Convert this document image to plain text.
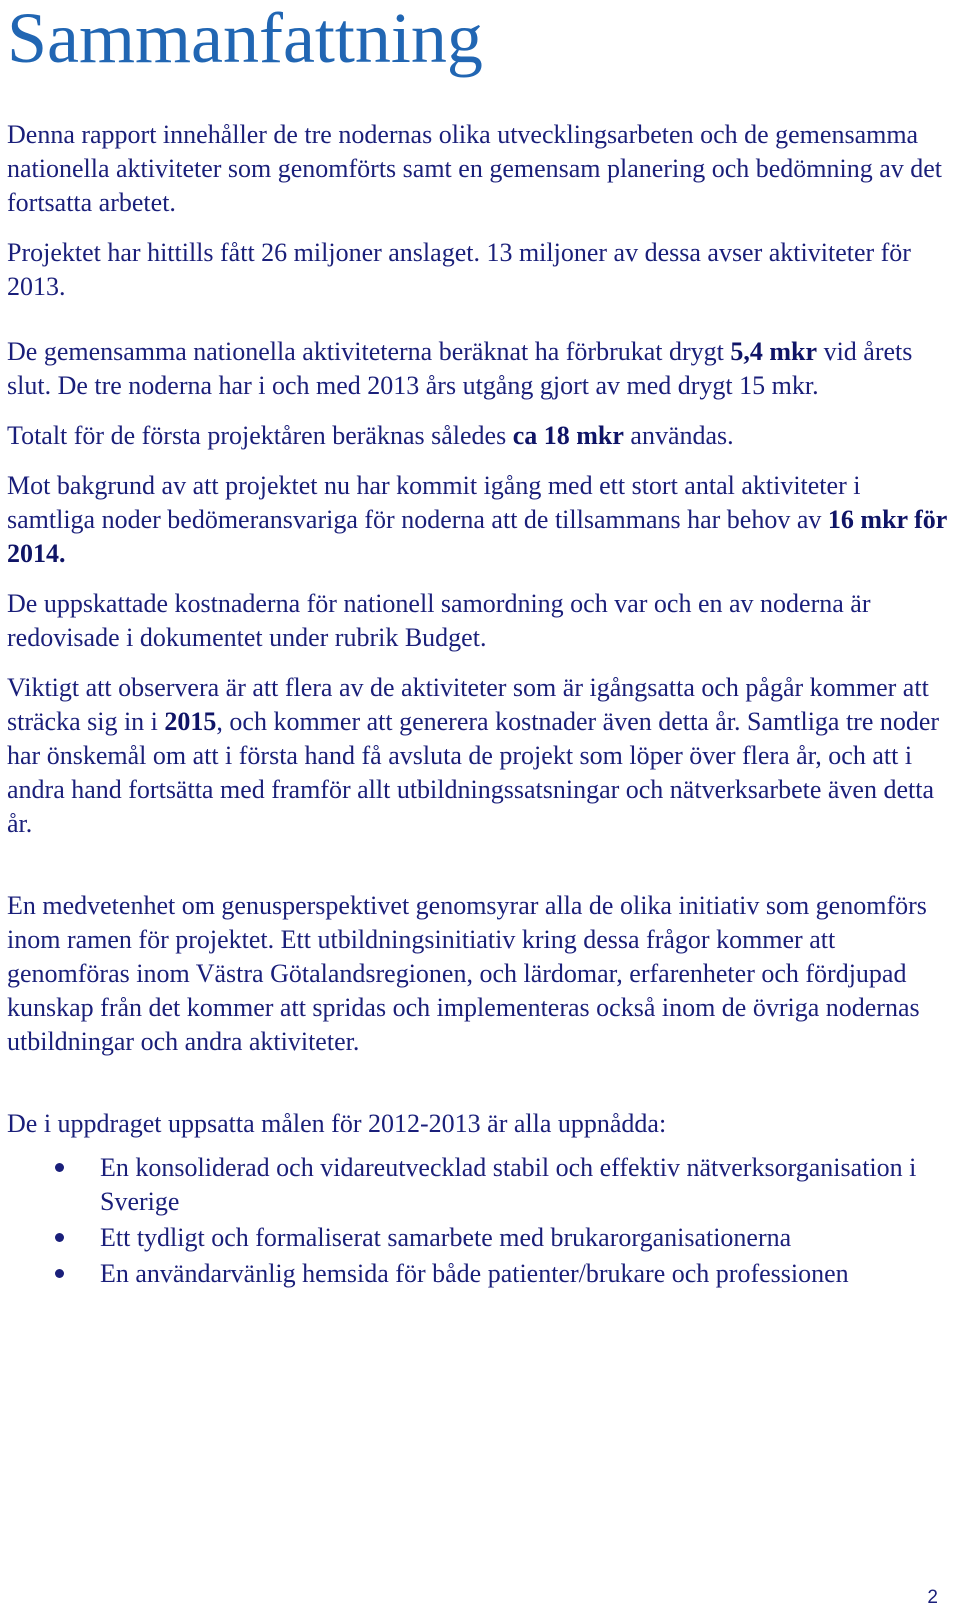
Sammanfattning

Denna rapport innehåller de tre nodernas olika utvecklingsarbeten och de gemensamma nationella aktiviteter som genomförts samt en gemensam planering och bedömning av det fortsatta arbetet.

Projektet har hittills fått 26 miljoner anslaget. 13 miljoner av dessa avser aktiviteter för 2013.

De gemensamma nationella aktiviteterna beräknat ha förbrukat drygt 5,4 mkr vid årets slut. De tre noderna har i och med 2013 års utgång gjort av med drygt 15 mkr.

Totalt för de första projektåren beräknas således ca 18 mkr användas.

Mot bakgrund av att projektet nu har kommit igång med ett stort antal aktiviteter i samtliga noder bedömeransvariga för noderna att de tillsammans har behov av 16 mkr för 2014.

De uppskattade kostnaderna för nationell samordning och var och en av noderna är redovisade i dokumentet under rubrik Budget.

Viktigt att observera är att flera av de aktiviteter som är igångsatta och pågår kommer att sträcka sig in i 2015, och kommer att generera kostnader även detta år. Samtliga tre noder har önskemål om att i första hand få avsluta de projekt som löper över flera år, och att i andra hand fortsätta med framför allt utbildningssatsningar och nätverksarbete även detta år.

En medvetenhet om genusperspektivet genomsyrar alla de olika initiativ som genomförs inom ramen för projektet. Ett utbildningsinitiativ kring dessa frågor kommer att genomföras inom Västra Götalandsregionen, och lärdomar, erfarenheter och fördjupad kunskap från det kommer att spridas och implementeras också inom de övriga nodernas utbildningar och andra aktiviteter.

De i uppdraget uppsatta målen för 2012-2013 är alla uppnådda:

En konsoliderad och vidareutvecklad stabil och effektiv nätverksorganisation i Sverige
Ett tydligt och formaliserat samarbete med brukarorganisationerna
En användarvänlig hemsida för både patienter/brukare och professionen
2
